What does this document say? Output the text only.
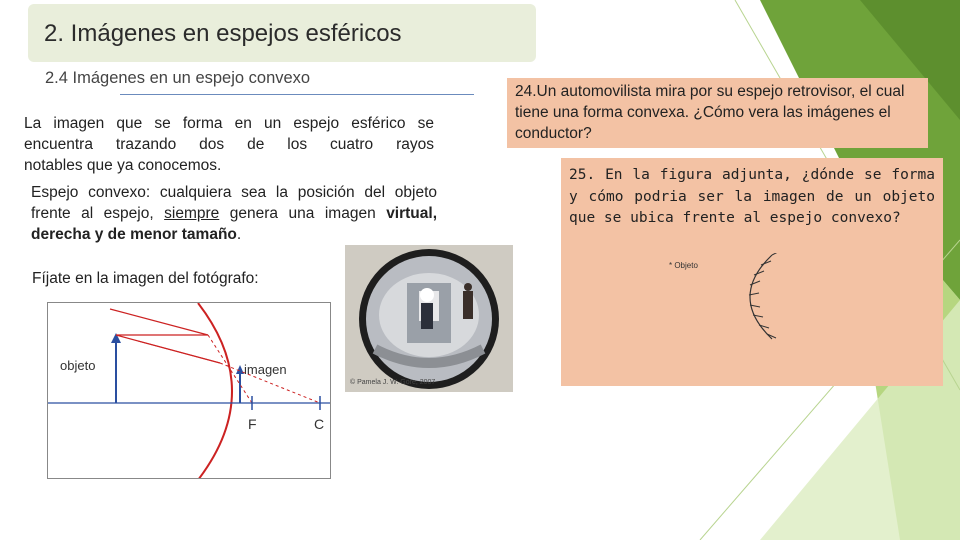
2. Imágenes en espejos esféricos
2.4 Imágenes en un espejo convexo
La imagen que se forma en un espejo esférico se encuentra trazando dos de los cuatro rayos
notables que ya conocemos.
Espejo convexo: cualquiera sea la posición del objeto frente al espejo, siempre genera una imagen virtual, derecha y de menor tamaño.
Fíjate en la imagen del fotógrafo:
objeto	imagen
F	C
© Pamela J. W. Gore, 2007
24.Un automovilista mira por su espejo retrovisor, el cual tiene una forma convexa. ¿Cómo vera las imágenes el conductor?
25. En la figura adjunta, ¿dónde se forma y cómo podria ser la imagen de un objeto que se ubica frente al espejo convexo?
* Objeto
